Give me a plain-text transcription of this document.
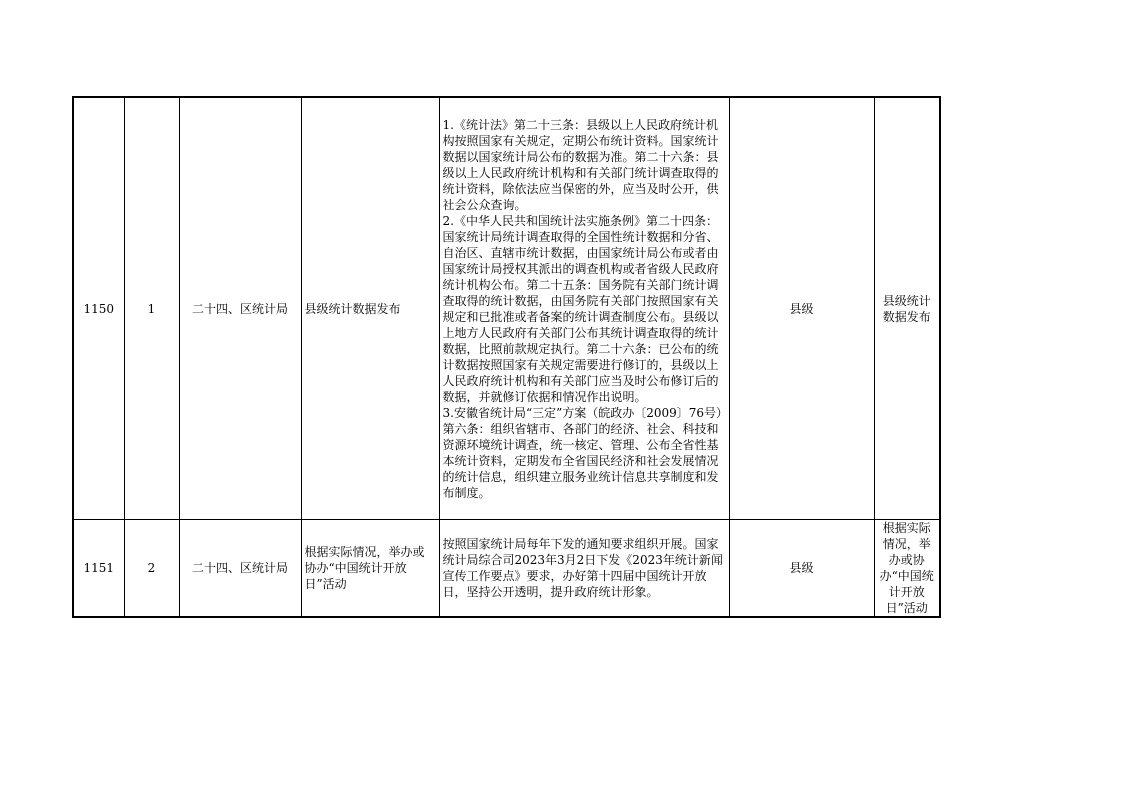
1150	1	二十四、区统计局	县级统计数据发布	1.《统计法》第二十三条：县级以上人民政府统计机构按照国家有关规定，定期公布统计资料。国家统计数据以国家统计局公布的数据为准。第二十六条：县级以上人民政府统计机构和有关部门统计调查取得的统计资料，除依法应当保密的外，应当及时公开，供社会公众查询。
2.《中华人民共和国统计法实施条例》第二十四条：国家统计局统计调查取得的全国性统计数据和分省、自治区、直辖市统计数据，由国家统计局公布或者由国家统计局授权其派出的调查机构或者省级人民政府统计机构公布。第二十五条：国务院有关部门统计调查取得的统计数据，由国务院有关部门按照国家有关规定和已批准或者备案的统计调查制度公布。县级以上地方人民政府有关部门公布其统计调查取得的统计数据，比照前款规定执行。第二十六条：已公布的统计数据按照国家有关规定需要进行修订的，县级以上人民政府统计机构和有关部门应当及时公布修订后的数据，并就修订依据和情况作出说明。
3.安徽省统计局“三定”方案（皖政办〔2009〕76号）第六条：组织省辖市、各部门的经济、社会、科技和资源环境统计调查，统一核定、管理、公布全省性基本统计资料，定期发布全省国民经济和社会发展情况的统计信息，组织建立服务业统计信息共享制度和发布制度。	县级	县级统计数据发布
1151	2	二十四、区统计局	根据实际情况，举办或协办“中国统计开放日”活动	按照国家统计局每年下发的通知要求组织开展。国家统计局综合司2023年3月2日下发《2023年统计新闻宣传工作要点》要求，办好第十四届中国统计开放日，坚持公开透明，提升政府统计形象。	县级	根据实际情况，举办或协办“中国统计开放日”活动
